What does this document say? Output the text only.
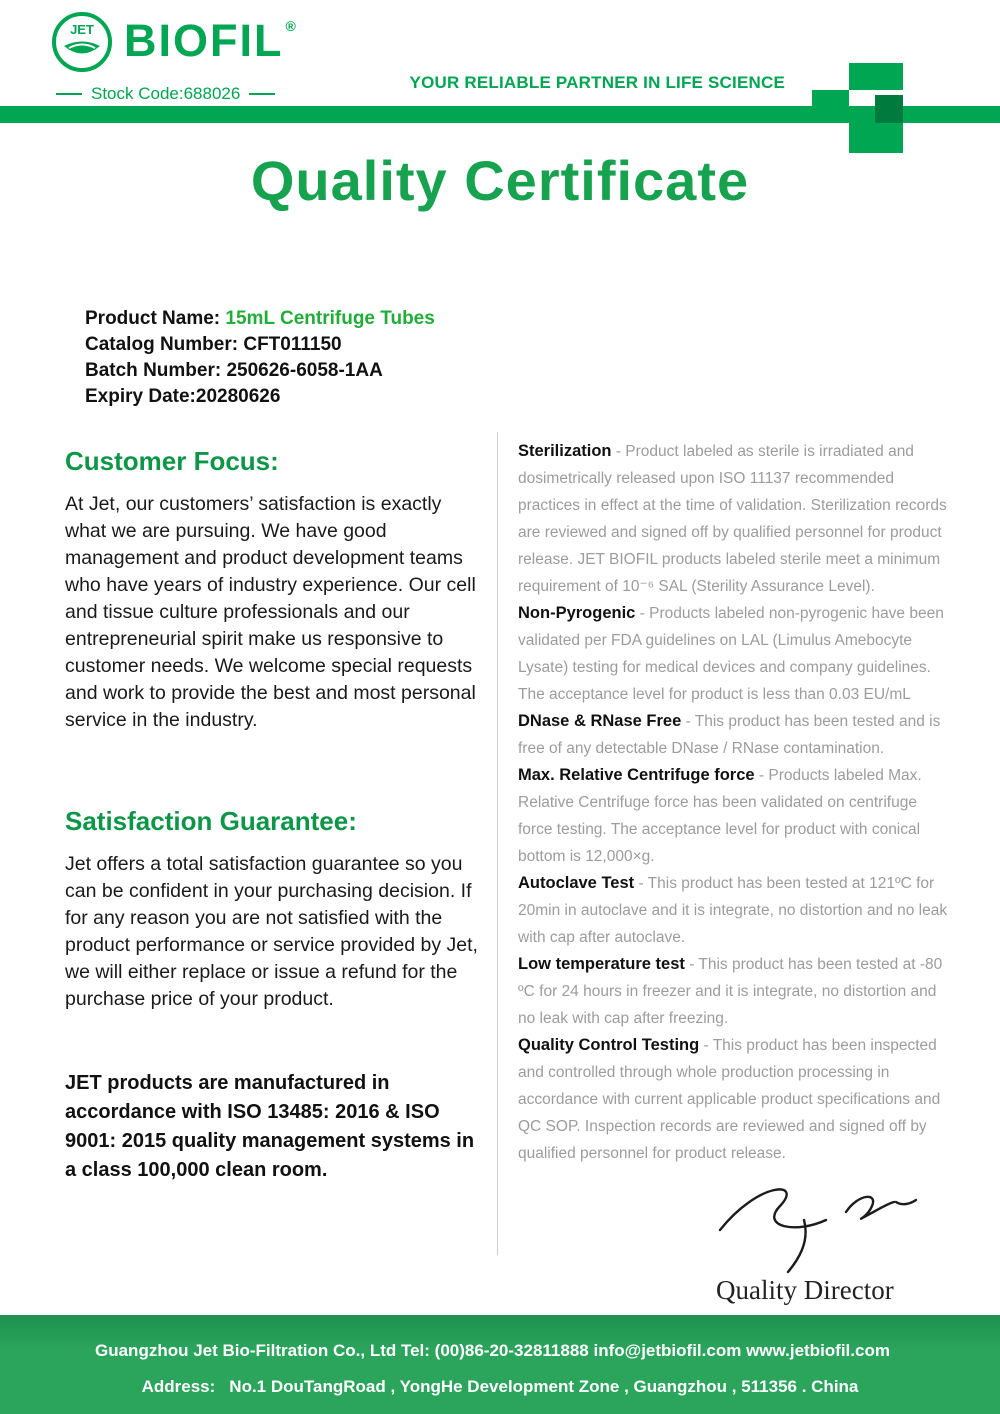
JET BIOFIL ®
Stock Code:688026
YOUR RELIABLE PARTNER IN LIFE SCIENCE
Quality Certificate
Product Name: 15mL Centrifuge Tubes
Catalog Number: CFT011150
Batch Number: 250626-6058-1AA
Expiry Date:20280626
Customer Focus:
At Jet, our customers’ satisfaction is exactly what we are pursuing. We have good management and product development teams who have years of industry experience. Our cell and tissue culture professionals and our entrepreneurial spirit make us responsive to customer needs. We welcome special requests and work to provide the best and most personal service in the industry.
Satisfaction Guarantee:
Jet offers a total satisfaction guarantee so you can be confident in your purchasing decision. If for any reason you are not satisfied with the product performance or service provided by Jet, we will either replace or issue a refund for the purchase price of your product.
JET products are manufactured in accordance with ISO 13485: 2016 & ISO 9001: 2015 quality management systems in a class 100,000 clean room.

Sterilization - Product labeled as sterile is irradiated and dosimetrically released upon ISO 11137 recommended practices in effect at the time of validation. Sterilization records are reviewed and signed off by qualified personnel for product release. JET BIOFIL products labeled sterile meet a minimum requirement of 10⁻⁶ SAL (Sterility Assurance Level).

Non-Pyrogenic - Products labeled non-pyrogenic have been validated per FDA guidelines on LAL (Limulus Amebocyte Lysate) testing for medical devices and company guidelines. The acceptance level for product is less than 0.03 EU/mL

DNase & RNase Free - This product has been tested and is free of any detectable DNase / RNase contamination.

Max. Relative Centrifuge force - Products labeled Max. Relative Centrifuge force has been validated on centrifuge force testing. The acceptance level for product with conical bottom is 12,000×g.

Autoclave Test - This product has been tested at 121ºC for 20min in autoclave and it is integrate, no distortion and no leak with cap after autoclave.

Low temperature test - This product has been tested at -80 ºC for 24 hours in freezer and it is integrate, no distortion and no leak with cap after freezing.

Quality Control Testing - This product has been inspected and controlled through whole production processing in accordance with current applicable product specifications and QC SOP. Inspection records are reviewed and signed off by qualified personnel for product release.

Quality Director
Guangzhou Jet Bio-Filtration Co., Ltd Tel: (00)86-20-32811888 info@jetbiofil.com www.jetbiofil.com
Address: No.1 DouTangRoad , YongHe Development Zone , Guangzhou , 511356 . China
